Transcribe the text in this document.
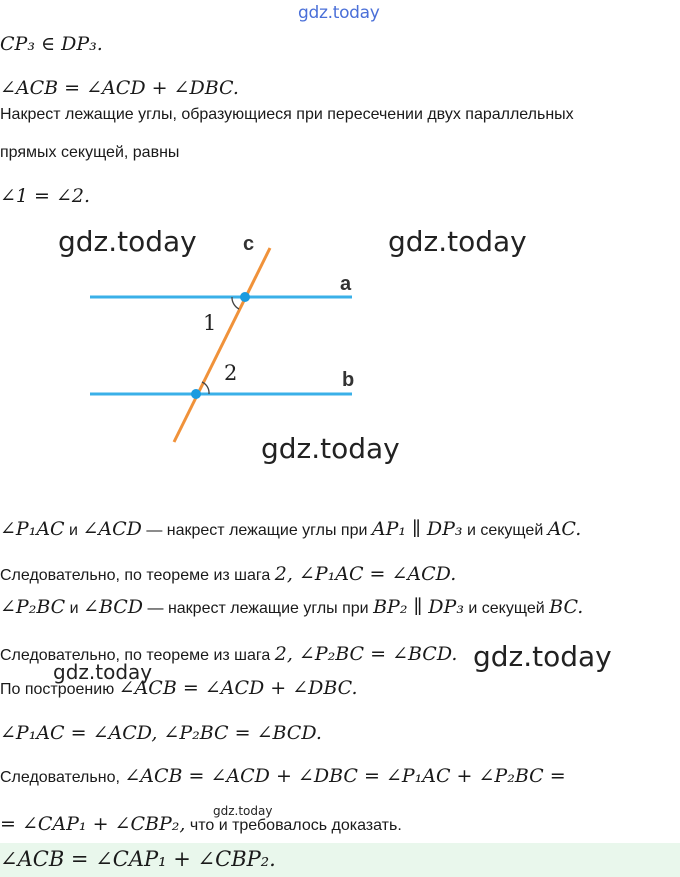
gdz.today
CP₃ ∈ DP₃.
∠ACB = ∠ACD + ∠DBC.
Накрест лежащие углы, образующиеся при пересечении двух параллельных
прямых секущей, равны
∠1 = ∠2.
c
a
b
1
2
gdz.today	gdz.today
gdz.today
∠P₁AC и ∠ACD — накрест лежащие углы при AP₁ ∥ DP₃ и секущей AC.
Следовательно, по теореме из шага 2, ∠P₁AC = ∠ACD.
∠P₂BC и ∠BCD — накрест лежащие углы при BP₂ ∥ DP₃ и секущей BC.
Следовательно, по теореме из шага 2, ∠P₂BC = ∠BCD.
gdz.today	gdz.today
По построению ∠ACB = ∠ACD + ∠DBC.
∠P₁AC = ∠ACD, ∠P₂BC = ∠BCD.
Следовательно, ∠ACB = ∠ACD + ∠DBC = ∠P₁AC + ∠P₂BC =
gdz.today
= ∠CAP₁ + ∠CBP₂, что и требовалось доказать.
∠ACB = ∠CAP₁ + ∠CBP₂.
